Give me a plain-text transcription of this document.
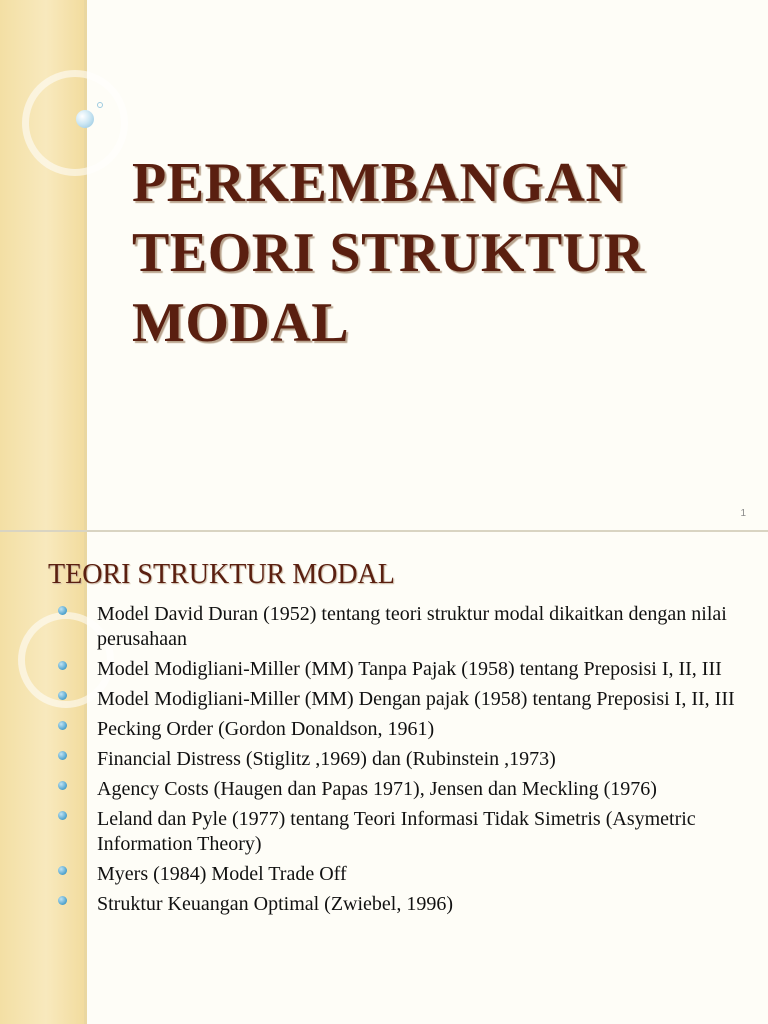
PERKEMBANGAN TEORI STRUKTUR MODAL
1
TEORI STRUKTUR MODAL
Model David Duran (1952) tentang teori struktur modal dikaitkan dengan nilai perusahaan
Model Modigliani-Miller (MM) Tanpa Pajak (1958) tentang Preposisi I, II, III
Model Modigliani-Miller (MM) Dengan pajak (1958) tentang Preposisi I, II, III
Pecking Order (Gordon Donaldson, 1961)
Financial Distress (Stiglitz ,1969) dan (Rubinstein ,1973)
Agency Costs (Haugen dan Papas 1971), Jensen dan Meckling (1976)
Leland dan Pyle (1977) tentang Teori Informasi Tidak Simetris (Asymetric Information Theory)
Myers (1984) Model Trade Off
Struktur Keuangan Optimal (Zwiebel, 1996)
